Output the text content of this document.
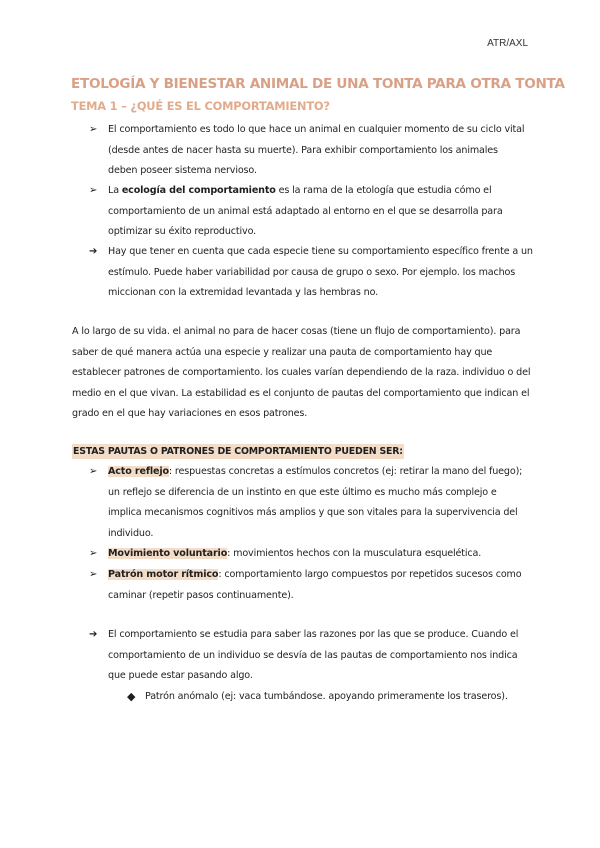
ATR/AXL
ETOLOGÍA Y BIENESTAR ANIMAL DE UNA TONTA PARA OTRA TONTA
TEMA 1 – ¿QUÉ ES EL COMPORTAMIENTO?
➢ El comportamiento es todo lo que hace un animal en cualquier momento de su ciclo vital (desde antes de nacer hasta su muerte). Para exhibir comportamiento los animales deben poseer sistema nervioso.
➢ La ecología del comportamiento es la rama de la etología que estudia cómo el comportamiento de un animal está adaptado al entorno en el que se desarrolla para optimizar su éxito reproductivo.
➔ Hay que tener en cuenta que cada especie tiene su comportamiento específico frente a un estímulo. Puede haber variabilidad por causa de grupo o sexo. Por ejemplo. los machos miccionan con la extremidad levantada y las hembras no.

A lo largo de su vida. el animal no para de hacer cosas (tiene un flujo de comportamiento). para saber de qué manera actúa una especie y realizar una pauta de comportamiento hay que establecer patrones de comportamiento. los cuales varían dependiendo de la raza. individuo o del medio en el que vivan. La estabilidad es el conjunto de pautas del comportamiento que indican el grado en el que hay variaciones en esos patrones.

ESTAS PAUTAS O PATRONES DE COMPORTAMIENTO PUEDEN SER:
➢ Acto reflejo: respuestas concretas a estímulos concretos (ej: retirar la mano del fuego); un reflejo se diferencia de un instinto en que este último es mucho más complejo e implica mecanismos cognitivos más amplios y que son vitales para la supervivencia del individuo.
➢ Movimiento voluntario: movimientos hechos con la musculatura esquelética.
➢ Patrón motor rítmico: comportamiento largo compuestos por repetidos sucesos como caminar (repetir pasos continuamente).
➔ El comportamiento se estudia para saber las razones por las que se produce. Cuando el comportamiento de un individuo se desvía de las pautas de comportamiento nos indica que puede estar pasando algo.
◆ Patrón anómalo (ej: vaca tumbándose. apoyando primeramente los traseros).
